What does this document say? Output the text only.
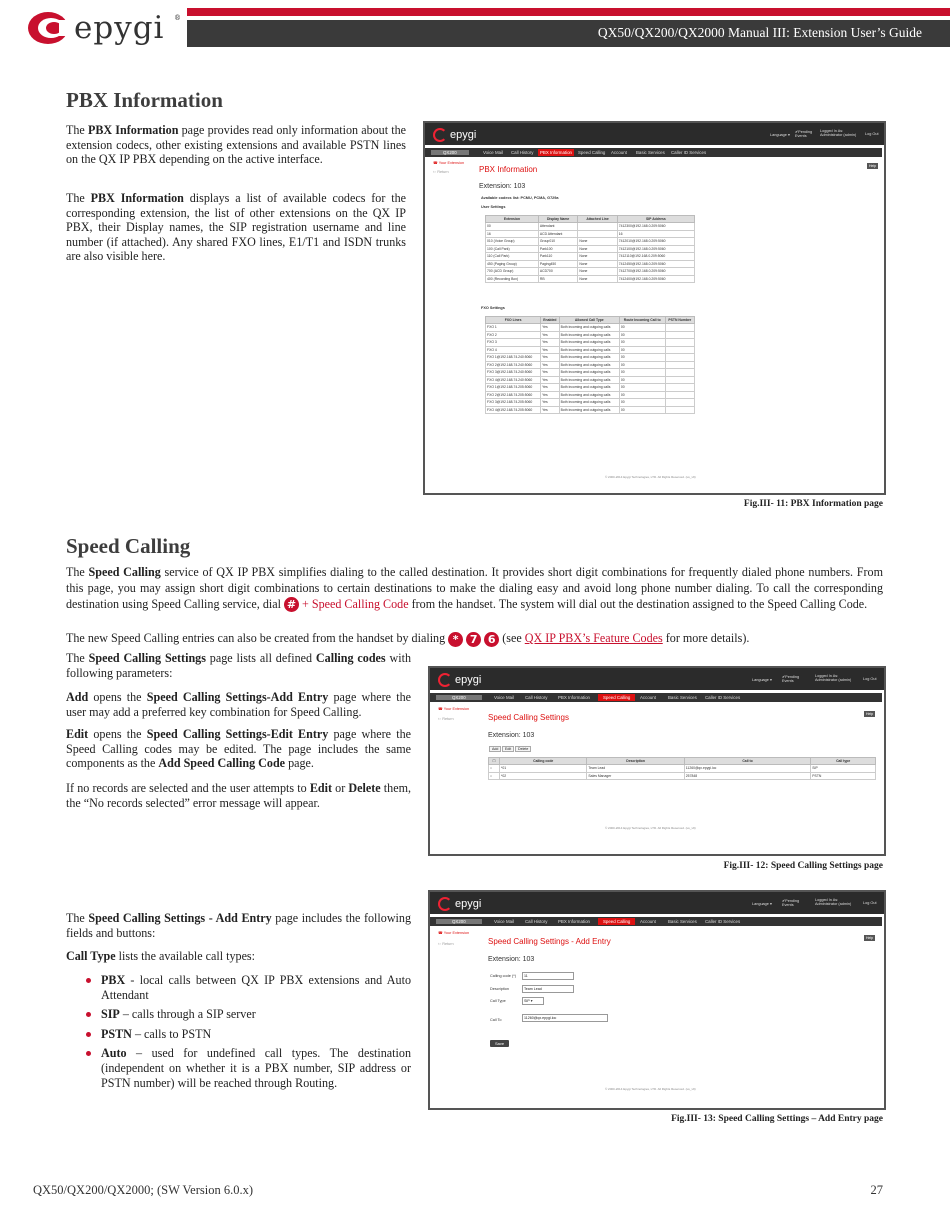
epygi ®
QX50/QX200/QX2000 Manual III: Extension User’s Guide
PBX Information
The PBX Information page provides read only information about the extension codecs, other existing extensions and available PSTN lines on the QX IP PBX depending on the active interface.
The PBX Information displays a list of available codecs for the corresponding extension, the list of other extensions on the QX IP PBX, their Display names, the SIP registration username and line number (if attached). Any shared FXO lines, E1/T1 and ISDN trunks are also visible here.
epygi	Language ▾
✔Pending Events
Logged In As: Administrator (admin)	Log Out
QX200	Voice Mail Call History	PBX Information	Speed Calling Account Basic Services Caller ID Services
☎ Your Extension
⇦ Return	PBX Information	Help
Extension: 103
Available codecs list: PCMU, PCMA, G729a
User Settings
Extension	Display Name	Attached Line	SIP Address
00	Attendant		7412300@192.168.0.209:5060
16	ACD Attendant		16
010 (Voice Group)	Group010	None	7412010@192.168.0.209:5060
100 (Call Park)	Park100	None	7412100@192.168.0.209:5060
110 (Call Park)	Park110	None	7412110@192.168.0.209:5060
450 (Paging Group)	Paging450	None	7412450@192.168.0.209:5060
700 (ACD Group)	ACD700	None	7412700@192.168.0.209:5060
400 (Recording Box)	RB	None	7412400@192.168.0.209:5060
FXO Settings
FXO Lines	Enabled	Allowed Call Type	Route Incoming Call to	PSTN Number
FXO 1	Yes	Both incoming and outgoing calls	00	
FXO 2	Yes	Both incoming and outgoing calls	00	
FXO 3	Yes	Both incoming and outgoing calls	00	
FXO 4	Yes	Both incoming and outgoing calls	00	
FXO 1@192.168.74.240:5060	Yes	Both incoming and outgoing calls	00	
FXO 2@192.168.74.240:5060	Yes	Both incoming and outgoing calls	00	
FXO 3@192.168.74.240:5060	Yes	Both incoming and outgoing calls	00	
FXO 4@192.168.74.240:5060	Yes	Both incoming and outgoing calls	00	
FXO 1@192.168.74.205:5060	Yes	Both incoming and outgoing calls	00	
FXO 2@192.168.74.205:5060	Yes	Both incoming and outgoing calls	00	
FXO 3@192.168.74.205:5060	Yes	Both incoming and outgoing calls	00	
FXO 4@192.168.74.205:5060	Yes	Both incoming and outgoing calls	00	
© 2000-2014 Epygi Technologies, LTD. All Rights Reserved. (us_v9)
Fig.III- 11: PBX Information page
Speed Calling
The Speed Calling service of QX IP PBX simplifies dialing to the called destination. It provides short digit combinations for frequently dialed phone numbers. From this page, you may assign short digit combinations to certain destinations to make the dialing easy and avoid long phone number dialing. To call the corresponding destination using Speed Calling service, dial # + Speed Calling Code from the handset. The system will dial out the destination assigned to the Speed Calling Code.
The new Speed Calling entries can also be created from the handset by dialing * 7 6 (see QX IP PBX’s Feature Codes for more details).
The Speed Calling Settings page lists all defined Calling codes with following parameters:
Add opens the Speed Calling Settings-Add Entry page where the user may add a preferred key combination for Speed Calling.
Edit opens the Speed Calling Settings-Edit Entry page where the Speed Calling codes may be edited. The page includes the same components as the Add Speed Calling Code page.
If no records are selected and the user attempts to Edit or Delete them, the “No records selected” error message will appear.
epygi	Language ▾
✔Pending Events
Logged In As: Administrator (admin)	Log Out
QX200	Voice Mail Call History PBX Information	Speed Calling	Account	Basic Services Caller ID Services
☎ Your Extension
⇦ Return	Speed Calling Settings	Help
Extension: 103
Add	Edit	Delete
☐	Calling code	Description	Call to	Call type
○	*01	Team Lead	11260@qx.epygi.loc	SIP
○	*02	Sales Manager	257848	PSTN
© 2000-2014 Epygi Technologies, LTD. All Rights Reserved. (us_v9)
Fig.III- 12: Speed Calling Settings page
The Speed Calling Settings - Add Entry page includes the following fields and buttons:
Call Type lists the available call types:
PBX - local calls between QX IP PBX extensions and Auto Attendant
SIP – calls through a SIP server
PSTN – calls to PSTN
Auto – used for undefined call types. The destination (independent on whether it is a PBX number, SIP address or PSTN number) will be reached through Routing.
epygi	Language ▾
✔Pending Events
Logged In As: Administrator (admin)	Log Out
QX200	Voice Mail Call History PBX Information	Speed Calling	Account	Basic Services Caller ID Services
☎ Your Extension
⇦ Return	Speed Calling Settings - Add Entry	Help
Extension: 103
Calling code (*)	11
Description	Team Lead
Call Type	SIP ▾
Call To	11260@qx.epygi.loc
Save
© 2000-2014 Epygi Technologies, LTD. All Rights Reserved. (us_v9)
Fig.III- 13: Speed Calling Settings – Add Entry page
QX50/QX200/QX2000; (SW Version 6.0.x)	27
